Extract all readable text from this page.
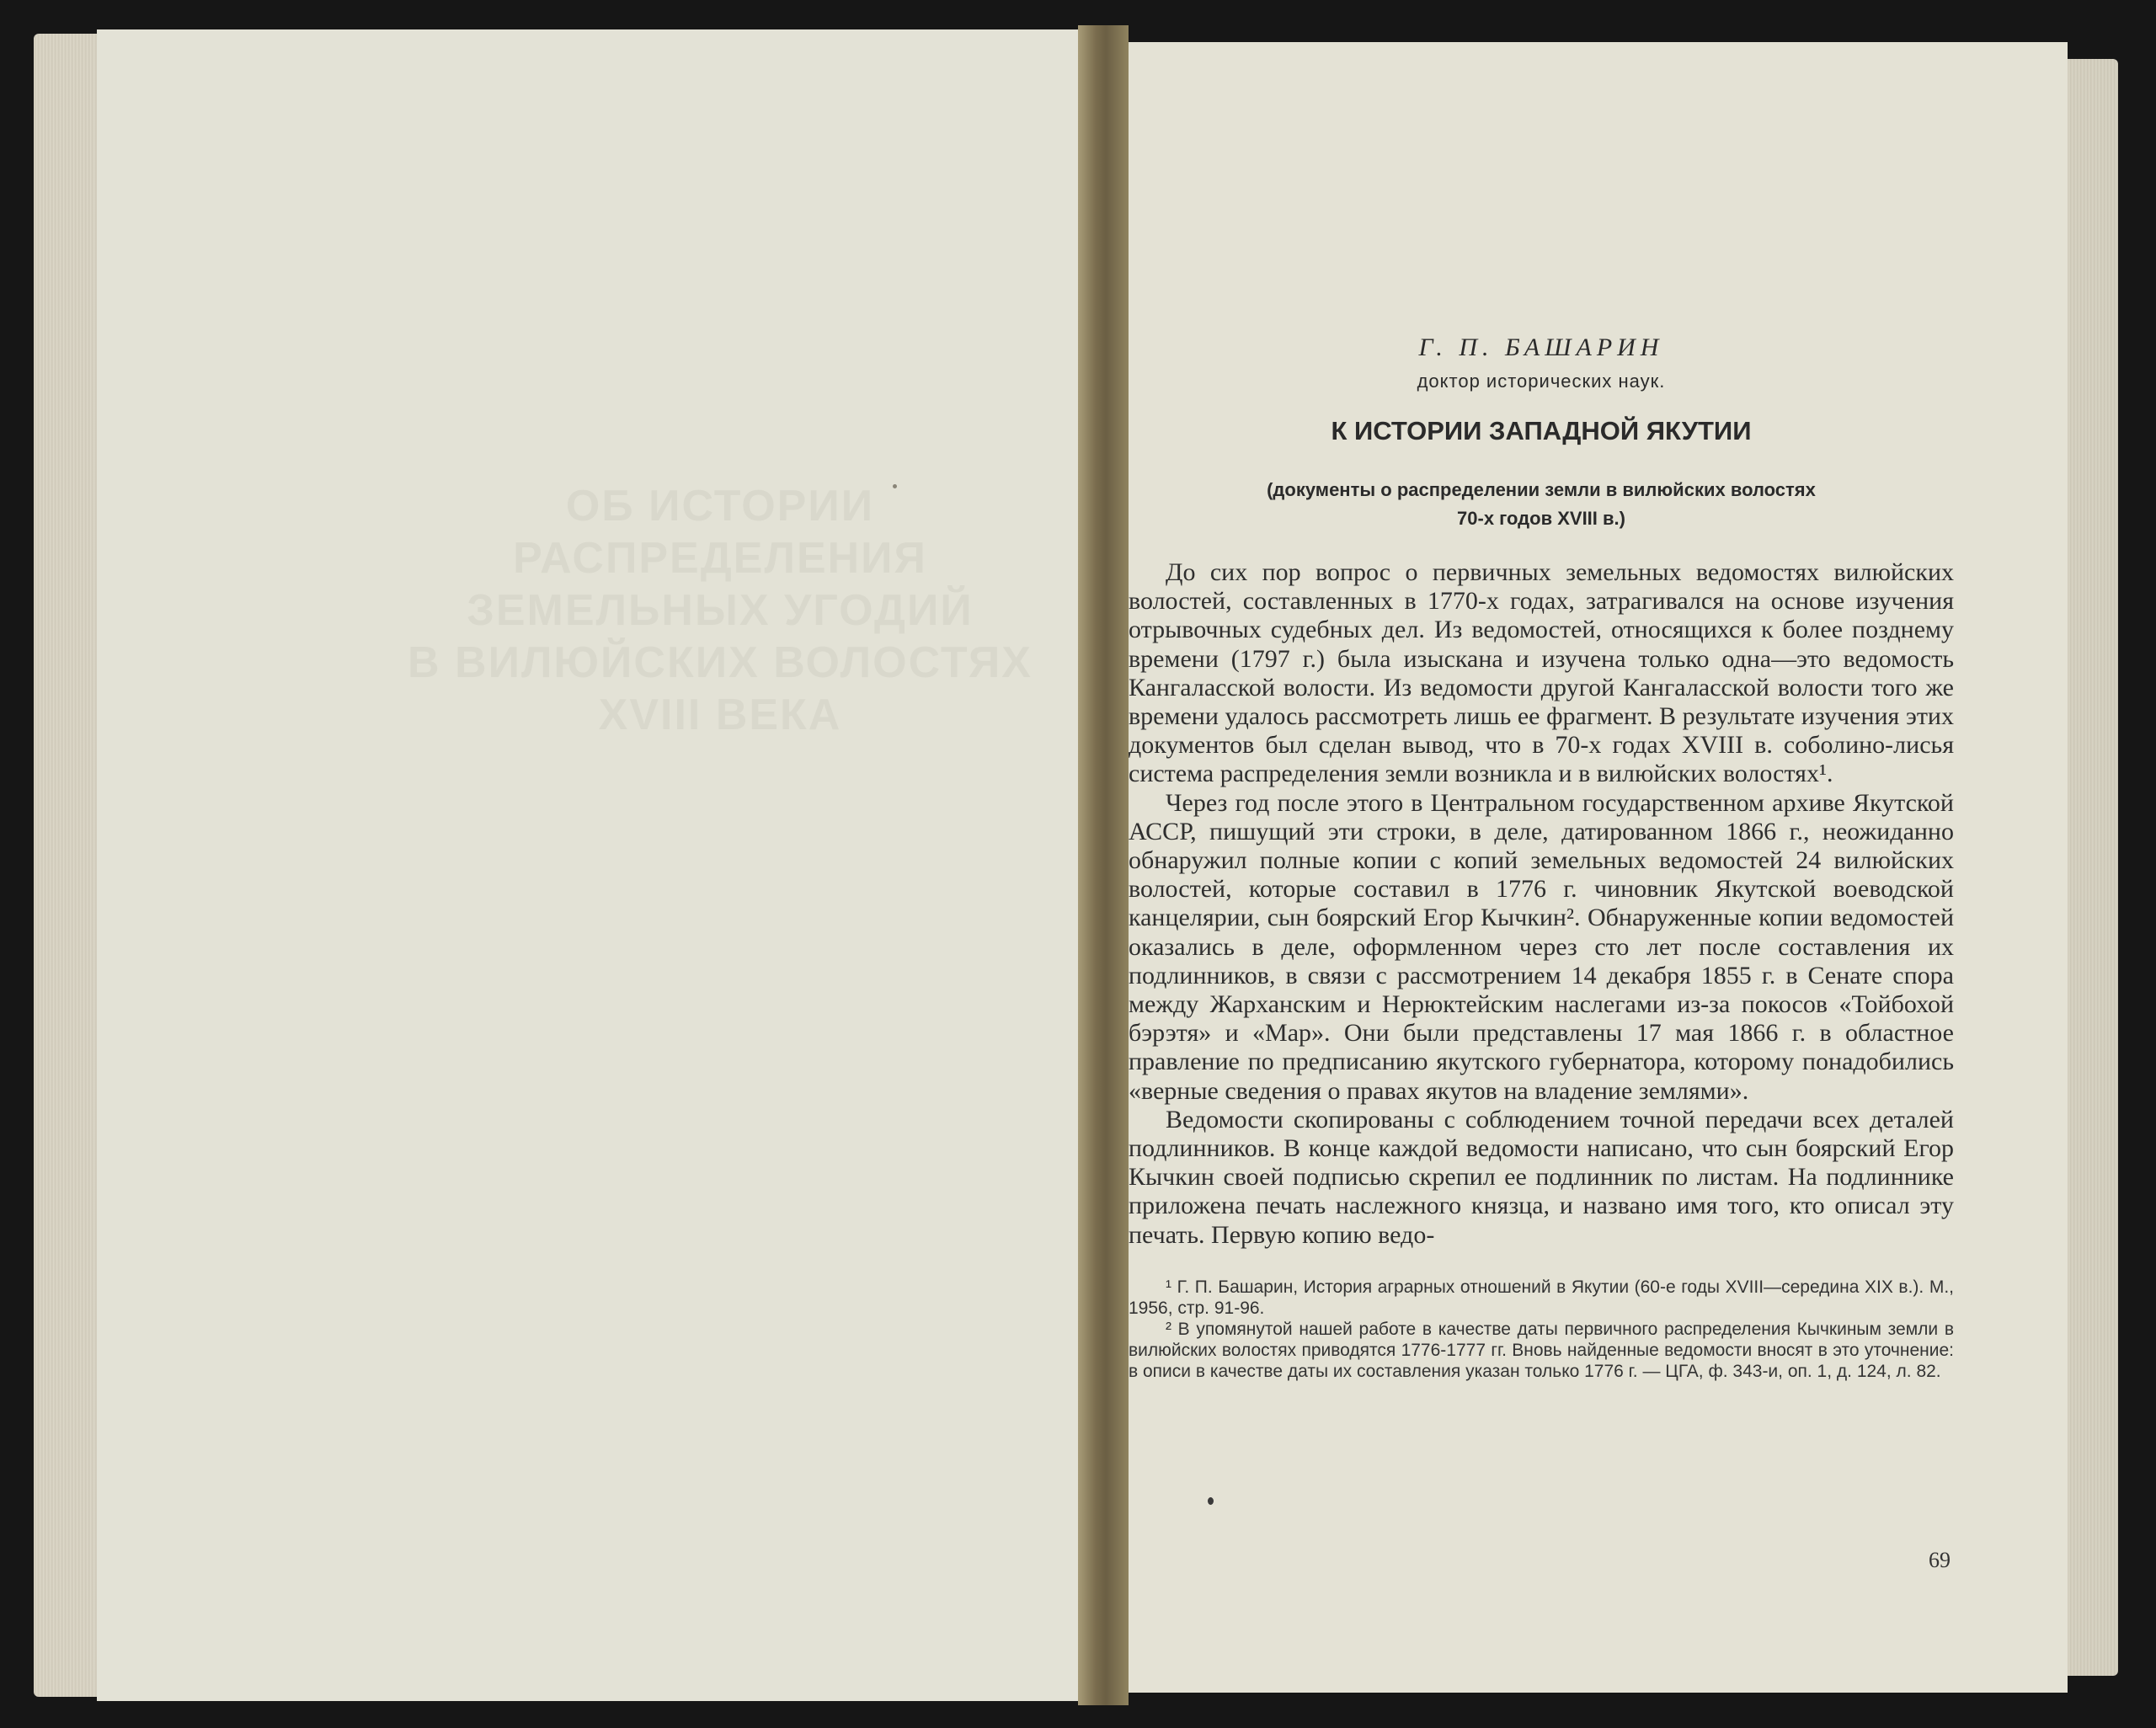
ОБ ИСТОРИИ РАСПРЕДЕЛЕНИЯ
ЗЕМЕЛЬНЫХ УГОДИЙ
В ВИЛЮЙСКИХ ВОЛОСТЯХ
XVIII ВЕКА
Г. П. БАШАРИН
доктор исторических наук.
К ИСТОРИИ ЗАПАДНОЙ ЯКУТИИ
(документы о распределении земли в вилюйских волостях
70-х годов XVIII в.)

До сих пор вопрос о первичных земельных ведомостях вилюйских волостей, составленных в 1770-х годах, затрагивался на основе изучения отрывочных судебных дел. Из ведомостей, относящихся к более позднему времени (1797 г.) была изыскана и изучена только одна—это ведомость Кангаласской волости. Из ведомости другой Кангаласской волости того же времени удалось рассмотреть лишь ее фрагмент. В результате изучения этих документов был сделан вывод, что в 70-х годах XVIII в. соболино-лисья система распределения земли возникла и в вилюйских волостях¹.

Через год после этого в Центральном государственном архиве Якутской АССР, пишущий эти строки, в деле, датированном 1866 г., неожиданно обнаружил полные копии с копий земельных ведомостей 24 вилюйских волостей, которые составил в 1776 г. чиновник Якутской воеводской канцелярии, сын боярский Егор Кычкин². Обнаруженные копии ведомостей оказались в деле, оформленном через сто лет после составления их подлинников, в связи с рассмотрением 14 декабря 1855 г. в Сенате спора между Жарханским и Нерюктейским наслегами из-за покосов «Тойбохой бэрэтя» и «Мар». Они были представлены 17 мая 1866 г. в областное правление по предписанию якутского губернатора, которому понадобились «верные сведения о правах якутов на владение землями».

Ведомости скопированы с соблюдением точной передачи всех деталей подлинников. В конце каждой ведомости написано, что сын боярский Егор Кычкин своей подписью скрепил ее подлинник по листам. На подлиннике приложена печать наслежного князца, и названо имя того, кто описал эту печать. Первую копию ведо-

¹ Г. П. Башарин, История аграрных отношений в Якутии (60-е годы XVIII—середина XIX в.). М., 1956, стр. 91-96.

² В упомянутой нашей работе в качестве даты первичного распределения Кычкиным земли в вилюйских волостях приводятся 1776-1777 гг. Вновь найденные ведомости вносят в это уточнение: в описи в качестве даты их составления указан только 1776 г. — ЦГА, ф. 343-и, оп. 1, д. 124, л. 82.

69
